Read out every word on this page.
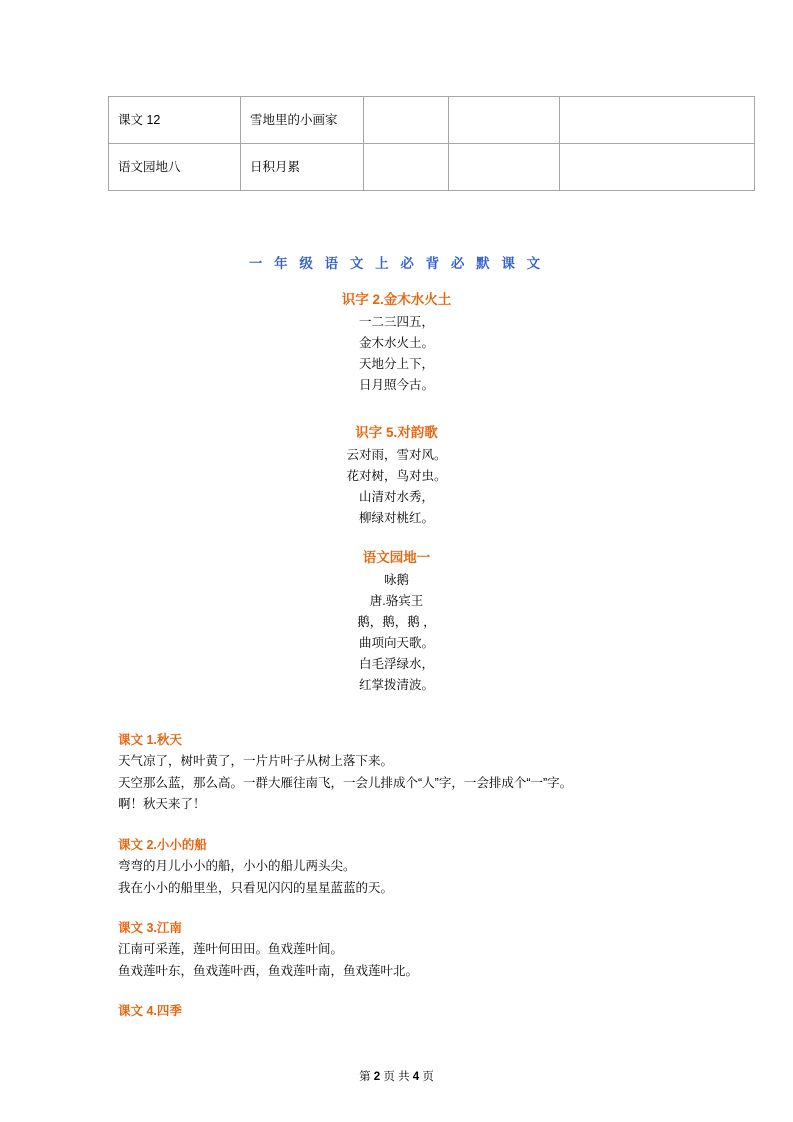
课文 12	雪地里的小画家			
语文园地八	日积月累			
一 年 级 语 文 上 必 背 必 默 课 文
识字 2.金木水火土
一二三四五，
金木水火土。
天地分上下，
日月照今古。
识字 5.对韵歌
云对雨，雪对风。
花对树，鸟对虫。
山清对水秀，
柳绿对桃红。
语文园地一
咏鹅
唐.骆宾王
鹅，鹅，鹅 ，
曲项向天歌。
白毛浮绿水，
红掌拨清波。
课文 1.秋天
天气凉了，树叶黄了，一片片叶子从树上落下来。
天空那么蓝，那么高。一群大雁往南飞，一会儿排成个“人”字，一会排成个“一”字。
啊！秋天来了！
课文 2.小小的船
弯弯的月儿小小的船，小小的船儿两头尖。
我在小小的船里坐，只看见闪闪的星星蓝蓝的天。
课文 3.江南
江南可采莲，莲叶何田田。鱼戏莲叶间。
鱼戏莲叶东，鱼戏莲叶西，鱼戏莲叶南，鱼戏莲叶北。
课文 4.四季
第 2 页 共 4 页
